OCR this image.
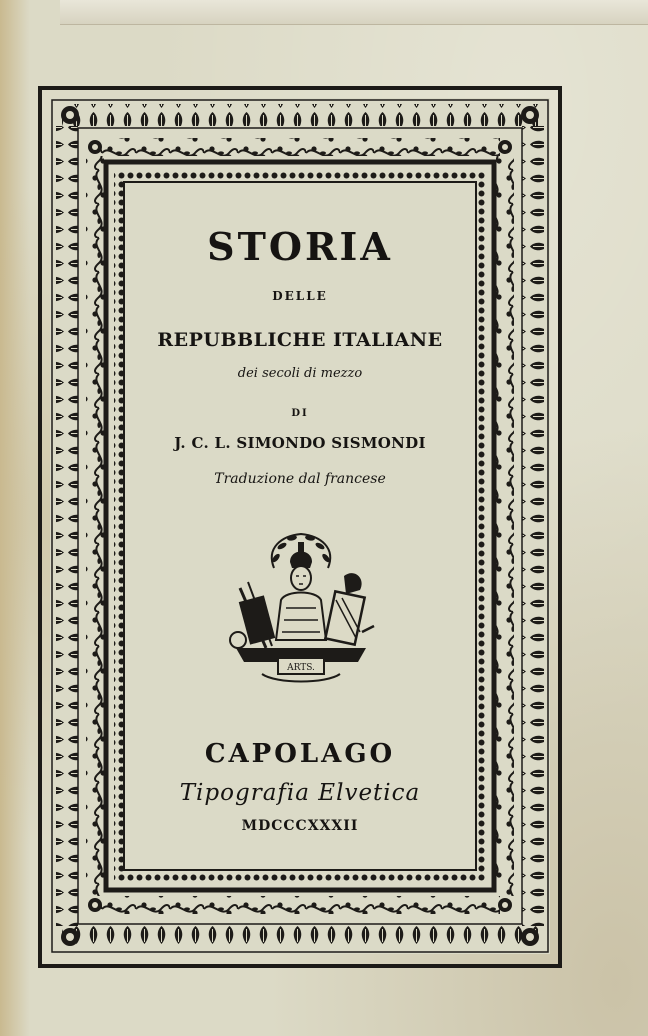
STORIA
DELLE
REPUBBLICHE ITALIANE
dei secoli di mezzo
DI
J. C. L. SIMONDO SISMONDI
Traduzione dal francese
ARTS.
CAPOLAGO
Tipografia Elvetica
MDCCCXXXII
